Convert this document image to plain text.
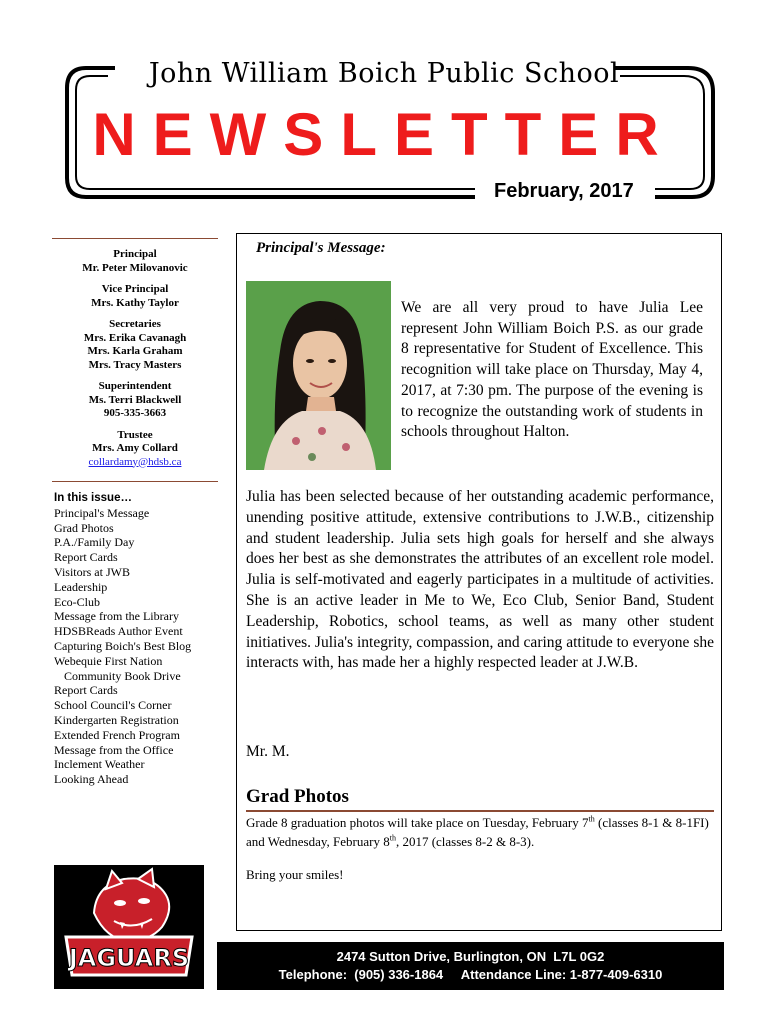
John William Boich Public School
NEWSLETTER
February, 2017
Principal
Mr. Peter Milovanovic
Vice Principal
Mrs. Kathy Taylor
Secretaries
Mrs. Erika Cavanagh
Mrs. Karla Graham
Mrs. Tracy Masters
Superintendent
Ms. Terri Blackwell
905-335-3663
Trustee
Mrs. Amy Collard
collardamy@hdsb.ca
In this issue…
Principal's Message
Grad Photos
P.A./Family Day
Report Cards
Visitors at JWB
Leadership
Eco-Club
Message from the Library
HDSBReads Author Event
Capturing Boich's Best Blog
Webequie First Nation
Community Book Drive
Report Cards
School Council's Corner
Kindergarten Registration
Extended French Program
Message from the Office
Inclement Weather
Looking Ahead
JAGUARS
Principal's Message:
We are all very proud to have Julia Lee represent John William Boich P.S. as our grade 8 representative for Student of Excellence. This recognition will take place on Thursday, May 4, 2017, at 7:30 pm. The purpose of the evening is to recognize the outstanding work of students in schools throughout Halton.
Julia has been selected because of her outstanding academic performance, unending positive attitude, extensive contributions to J.W.B., citizenship and student leadership. Julia sets high goals for herself and she always does her best as she demonstrates the attributes of an excellent role model. Julia is self-motivated and eagerly participates in a multitude of activities. She is an active leader in Me to We, Eco Club, Senior Band, Student Leadership, Robotics, school teams, as well as many other student initiatives. Julia's integrity, compassion, and caring attitude to everyone she interacts with, has made her a highly respected leader at J.W.B.
Mr. M.
Grad Photos
Grade 8 graduation photos will take place on Tuesday, February 7th (classes 8-1 & 8-1FI) and Wednesday, February 8th, 2017 (classes 8-2 & 8-3).
Bring your smiles!
2474 Sutton Drive, Burlington, ON  L7L 0G2
Telephone:  (905) 336-1864     Attendance Line: 1-877-409-6310
